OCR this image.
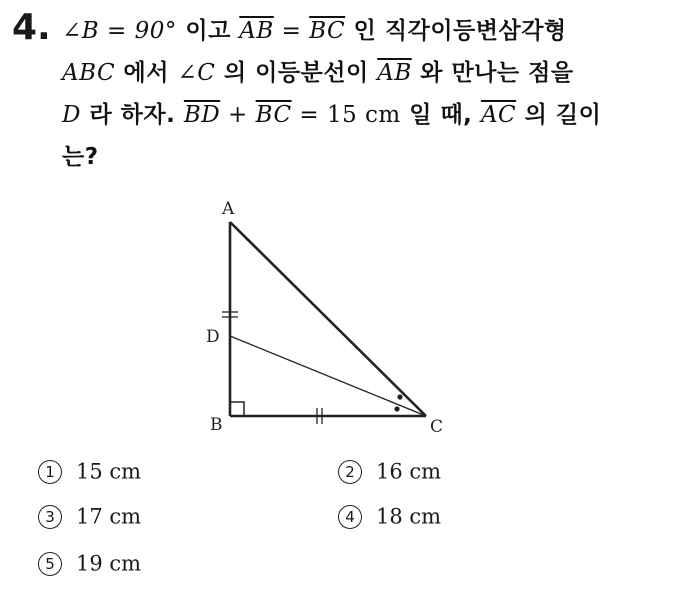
4. ∠B = 90° 이고 $\overline{AB} = \overline{BC}$ 인 직각이등변삼각형
ABC 에서 ∠C 의 이등분선이 $\overline{AB}$ 와 만나는 점을
D 라 하자. $\overline{BD} + \overline{BC} = 15$ cm 일 때, $\overline{AC}$ 의 길이
는?
A
D
B	C
1 15 cm	2 16 cm
3 17 cm	4 18 cm
5 19 cm
